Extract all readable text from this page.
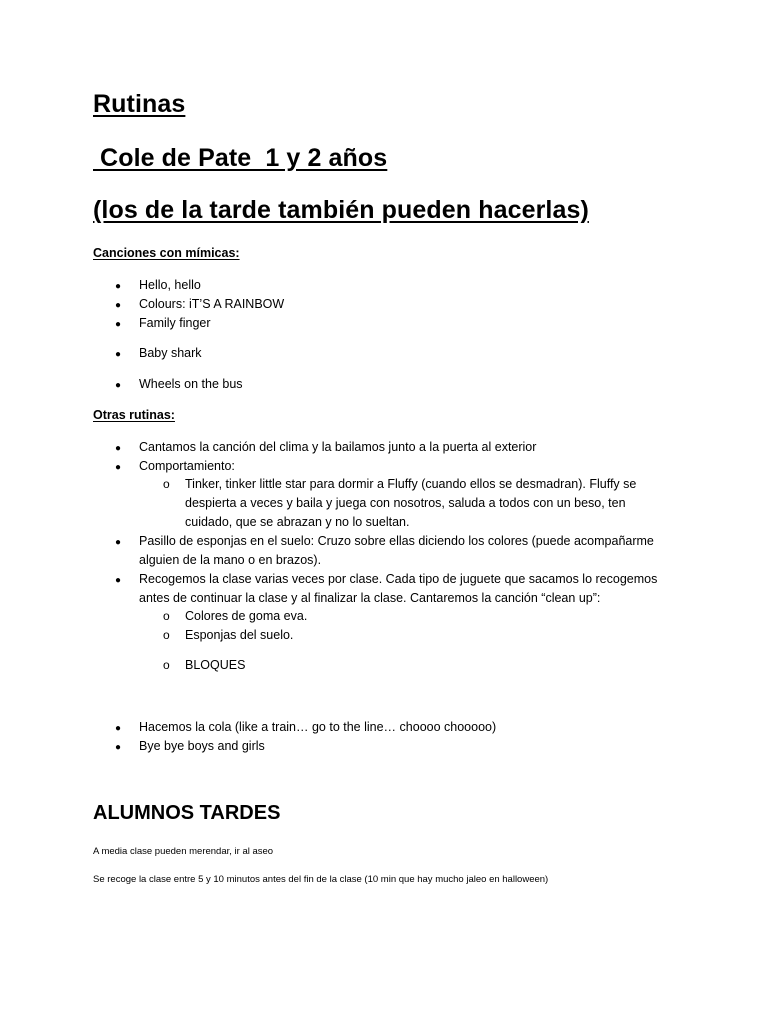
Rutinas
Cole de Pate  1 y 2 años
(los de la tarde también pueden hacerlas)
Canciones con mímicas:
● Hello, hello
● Colours: iT’S A RAINBOW
● Family finger
● Baby shark
● Wheels on the bus
Otras rutinas:
● Cantamos la canción del clima y la bailamos junto a la puerta al exterior
● Comportamiento:
o Tinker, tinker little star para dormir a Fluffy (cuando ellos se desmadran). Fluffy se despierta a veces y baila y juega con nosotros, saluda a todos con un beso, ten cuidado, que se abrazan y no lo sueltan.
● Pasillo de esponjas en el suelo: Cruzo sobre ellas diciendo los colores (puede acompañarme alguien de la mano o en brazos).
● Recogemos la clase varias veces por clase. Cada tipo de juguete que sacamos lo recogemos antes de continuar la clase y al finalizar la clase. Cantaremos la canción “clean up”:
o Colores de goma eva.
o Esponjas del suelo.
o BLOQUES
● Hacemos la cola (like a train… go to the line… choooo chooooo)
● Bye bye boys and girls
ALUMNOS TARDES
A media clase pueden merendar, ir al aseo
Se recoge la clase entre 5 y 10 minutos antes del fin de la clase (10 min que hay mucho jaleo en halloween)
